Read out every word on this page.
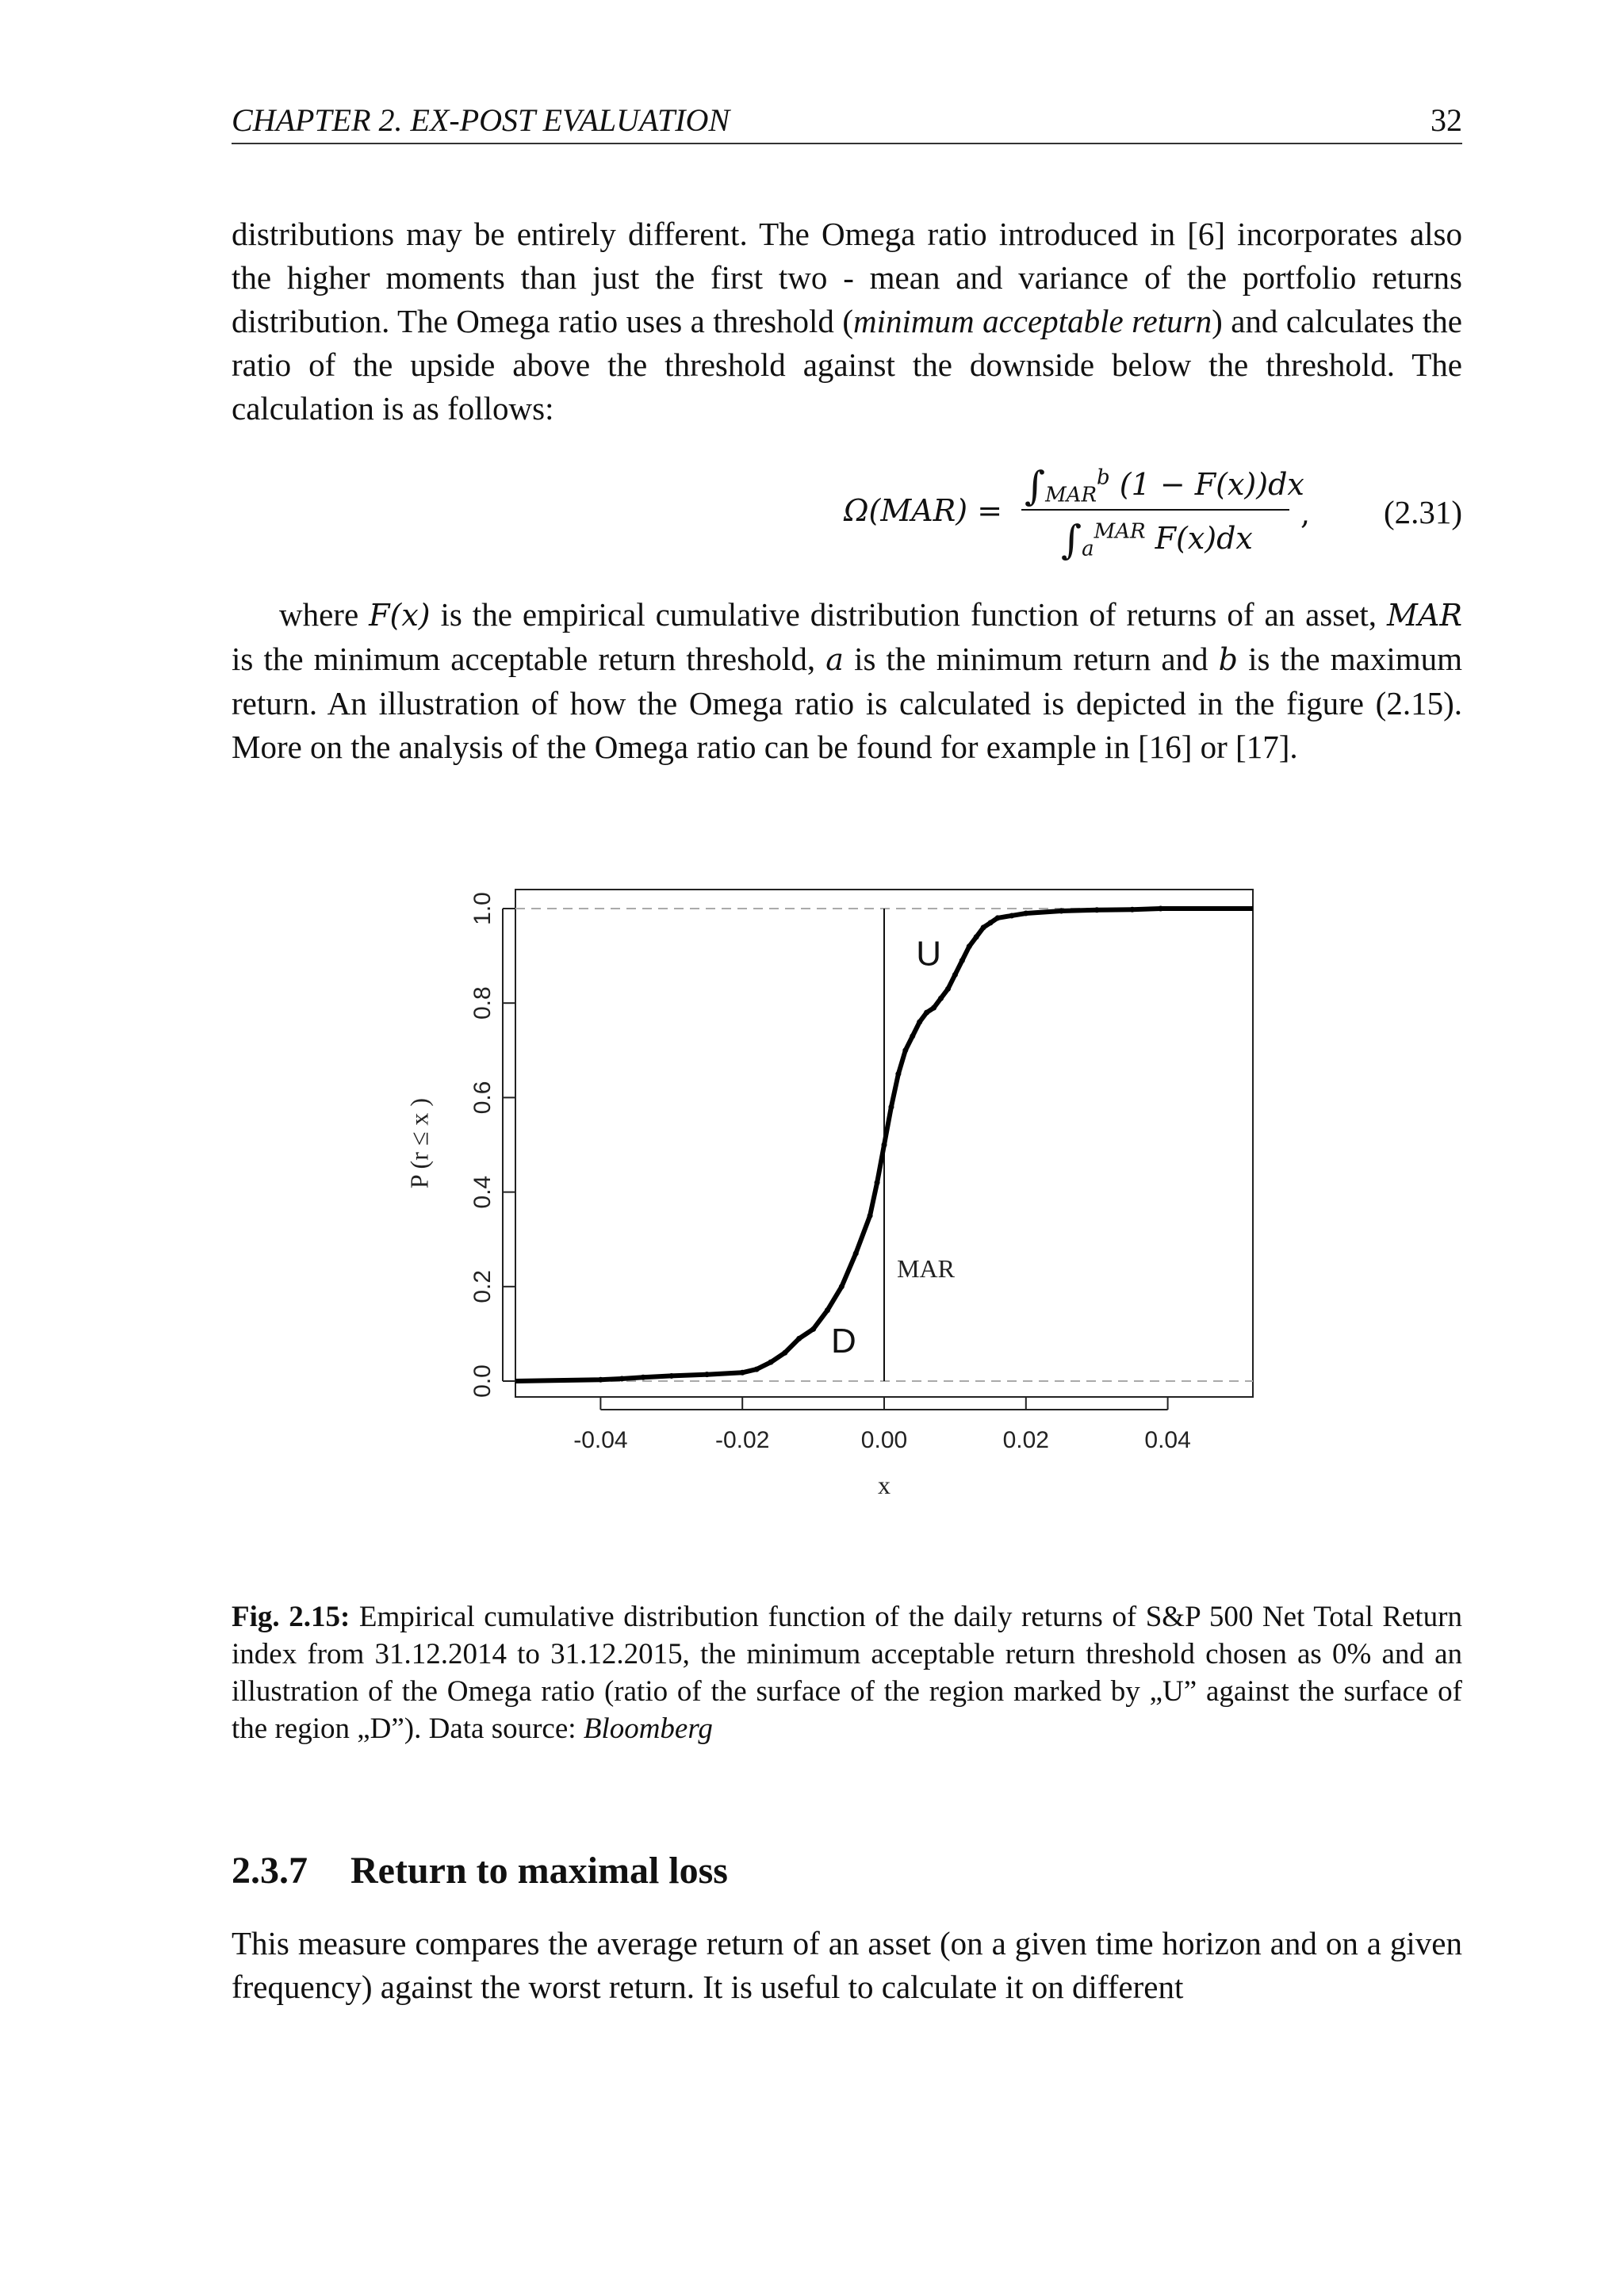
CHAPTER 2. EX-POST EVALUATION	32

distributions may be entirely different. The Omega ratio introduced in [6] incorporates also the higher moments than just the first two - mean and variance of the portfolio returns distribution. The Omega ratio uses a threshold (minimum acceptable return) and calculates the ratio of the upside above the threshold against the downside below the threshold. The calculation is as follows:

Ω(MAR) =
$\int_{MAR}^b$ (1 − F(x))dx
$\int_a^{MAR}$ F(x)dx
, (2.31)

where F(x) is the empirical cumulative distribution function of returns of an asset, MAR is the minimum acceptable return threshold, a is the minimum return and b is the maximum return. An illustration of how the Omega ratio is calculated is depicted in the figure (2.15). More on the analysis of the Omega ratio can be found for example in [16] or [17].

-0.04	-0.02	0.00	0.02	0.04
0.0
0.2
0.4
0.6
0.8
1.0
x
P (r ≤ x )
U
D
MAR

Fig. 2.15: Empirical cumulative distribution function of the daily returns of S&P 500 Net Total Return index from 31.12.2014 to 31.12.2015, the minimum acceptable return threshold chosen as 0% and an illustration of the Omega ratio (ratio of the surface of the region marked by „U” against the surface of the region „D”). Data source: Bloomberg

2.3.7 Return to maximal loss

This measure compares the average return of an asset (on a given time horizon and on a given frequency) against the worst return. It is useful to calculate it on different
